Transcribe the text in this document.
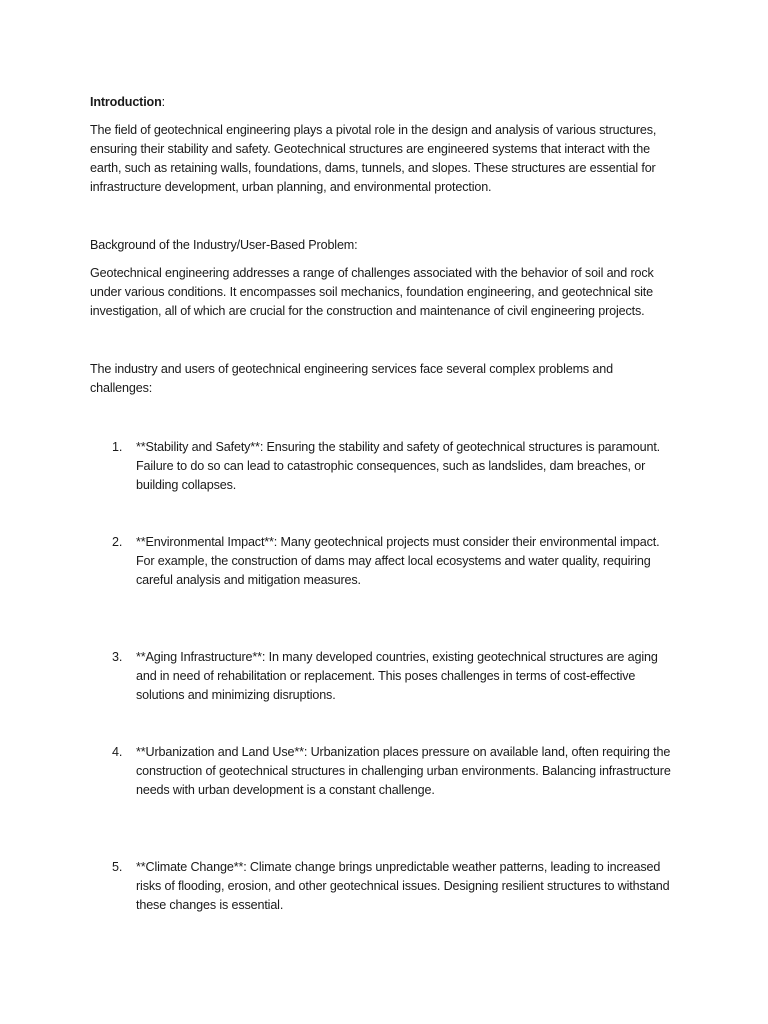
Introduction:
The field of geotechnical engineering plays a pivotal role in the design and analysis of various structures, ensuring their stability and safety. Geotechnical structures are engineered systems that interact with the earth, such as retaining walls, foundations, dams, tunnels, and slopes. These structures are essential for infrastructure development, urban planning, and environmental protection.
Background of the Industry/User-Based Problem:
Geotechnical engineering addresses a range of challenges associated with the behavior of soil and rock under various conditions. It encompasses soil mechanics, foundation engineering, and geotechnical site investigation, all of which are crucial for the construction and maintenance of civil engineering projects.
The industry and users of geotechnical engineering services face several complex problems and challenges:
1.	**Stability and Safety**: Ensuring the stability and safety of geotechnical structures is paramount. Failure to do so can lead to catastrophic consequences, such as landslides, dam breaches, or building collapses.
2.	**Environmental Impact**: Many geotechnical projects must consider their environmental impact. For example, the construction of dams may affect local ecosystems and water quality, requiring careful analysis and mitigation measures.
3.	**Aging Infrastructure**: In many developed countries, existing geotechnical structures are aging and in need of rehabilitation or replacement. This poses challenges in terms of cost-effective solutions and minimizing disruptions.
4.	**Urbanization and Land Use**: Urbanization places pressure on available land, often requiring the construction of geotechnical structures in challenging urban environments. Balancing infrastructure needs with urban development is a constant challenge.
5.	**Climate Change**: Climate change brings unpredictable weather patterns, leading to increased risks of flooding, erosion, and other geotechnical issues. Designing resilient structures to withstand these changes is essential.
